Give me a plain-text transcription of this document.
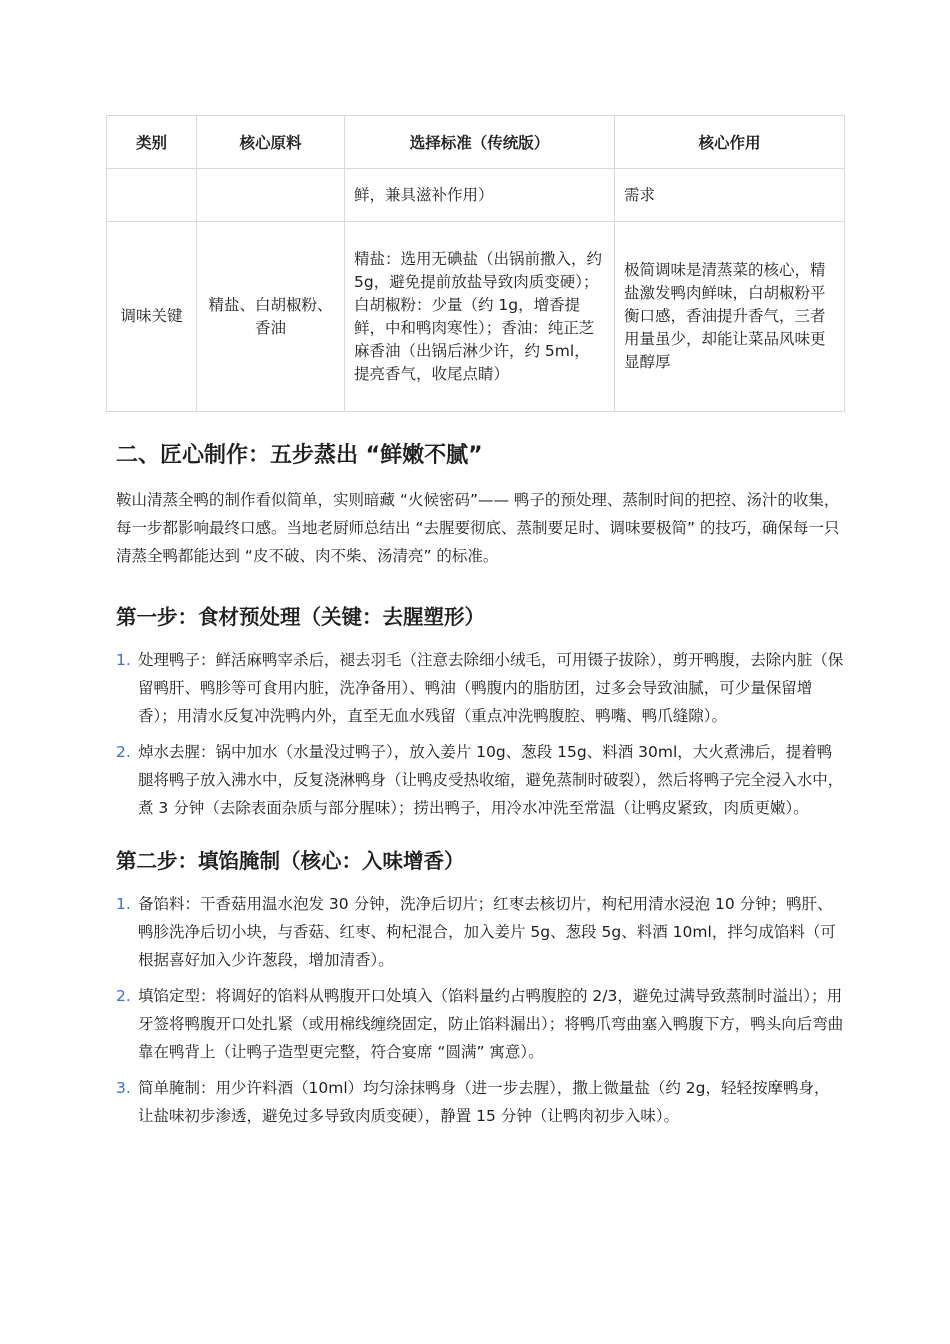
类别	核心原料	选择标准（传统版）	核心作用
		鲜，兼具滋补作用）	需求
调味关键	精盐、白胡椒粉、香油	精盐：选用无碘盐（出锅前撒入，约 5g，避免提前放盐导致肉质变硬）；白胡椒粉：少量（约 1g，增香提鲜，中和鸭肉寒性）；香油：纯正芝麻香油（出锅后淋少许，约 5ml，提亮香气，收尾点睛）	极简调味是清蒸菜的核心，精盐激发鸭肉鲜味，白胡椒粉平衡口感，香油提升香气，三者用量虽少，却能让菜品风味更显醇厚
二、匠心制作：五步蒸出 “鲜嫩不腻”

鞍山清蒸全鸭的制作看似简单，实则暗藏 “火候密码”—— 鸭子的预处理、蒸制时间的把控、汤汁的收集，每一步都影响最终口感。当地老厨师总结出 “去腥要彻底、蒸制要足时、调味要极简” 的技巧，确保每一只清蒸全鸭都能达到 “皮不破、肉不柴、汤清亮” 的标准。

第一步：食材预处理（关键：去腥塑形）
1. 处理鸭子：鲜活麻鸭宰杀后，褪去羽毛（注意去除细小绒毛，可用镊子拔除），剪开鸭腹，去除内脏（保留鸭肝、鸭胗等可食用内脏，洗净备用）、鸭油（鸭腹内的脂肪团，过多会导致油腻，可少量保留增香）；用清水反复冲洗鸭内外，直至无血水残留（重点冲洗鸭腹腔、鸭嘴、鸭爪缝隙）。
2. 焯水去腥：锅中加水（水量没过鸭子），放入姜片 10g、葱段 15g、料酒 30ml，大火煮沸后，提着鸭腿将鸭子放入沸水中，反复浇淋鸭身（让鸭皮受热收缩，避免蒸制时破裂），然后将鸭子完全浸入水中，煮 3 分钟（去除表面杂质与部分腥味）；捞出鸭子，用冷水冲洗至常温（让鸭皮紧致，肉质更嫩）。
第二步：填馅腌制（核心：入味增香）
1. 备馅料：干香菇用温水泡发 30 分钟，洗净后切片；红枣去核切片，枸杞用清水浸泡 10 分钟；鸭肝、鸭胗洗净后切小块，与香菇、红枣、枸杞混合，加入姜片 5g、葱段 5g、料酒 10ml，拌匀成馅料（可根据喜好加入少许葱段，增加清香）。
2. 填馅定型：将调好的馅料从鸭腹开口处填入（馅料量约占鸭腹腔的 2/3，避免过满导致蒸制时溢出）；用牙签将鸭腹开口处扎紧（或用棉线缠绕固定，防止馅料漏出）；将鸭爪弯曲塞入鸭腹下方，鸭头向后弯曲靠在鸭背上（让鸭子造型更完整，符合宴席 “圆满” 寓意）。
3. 简单腌制：用少许料酒（10ml）均匀涂抹鸭身（进一步去腥），撒上微量盐（约 2g，轻轻按摩鸭身，让盐味初步渗透，避免过多导致肉质变硬），静置 15 分钟（让鸭肉初步入味）。
